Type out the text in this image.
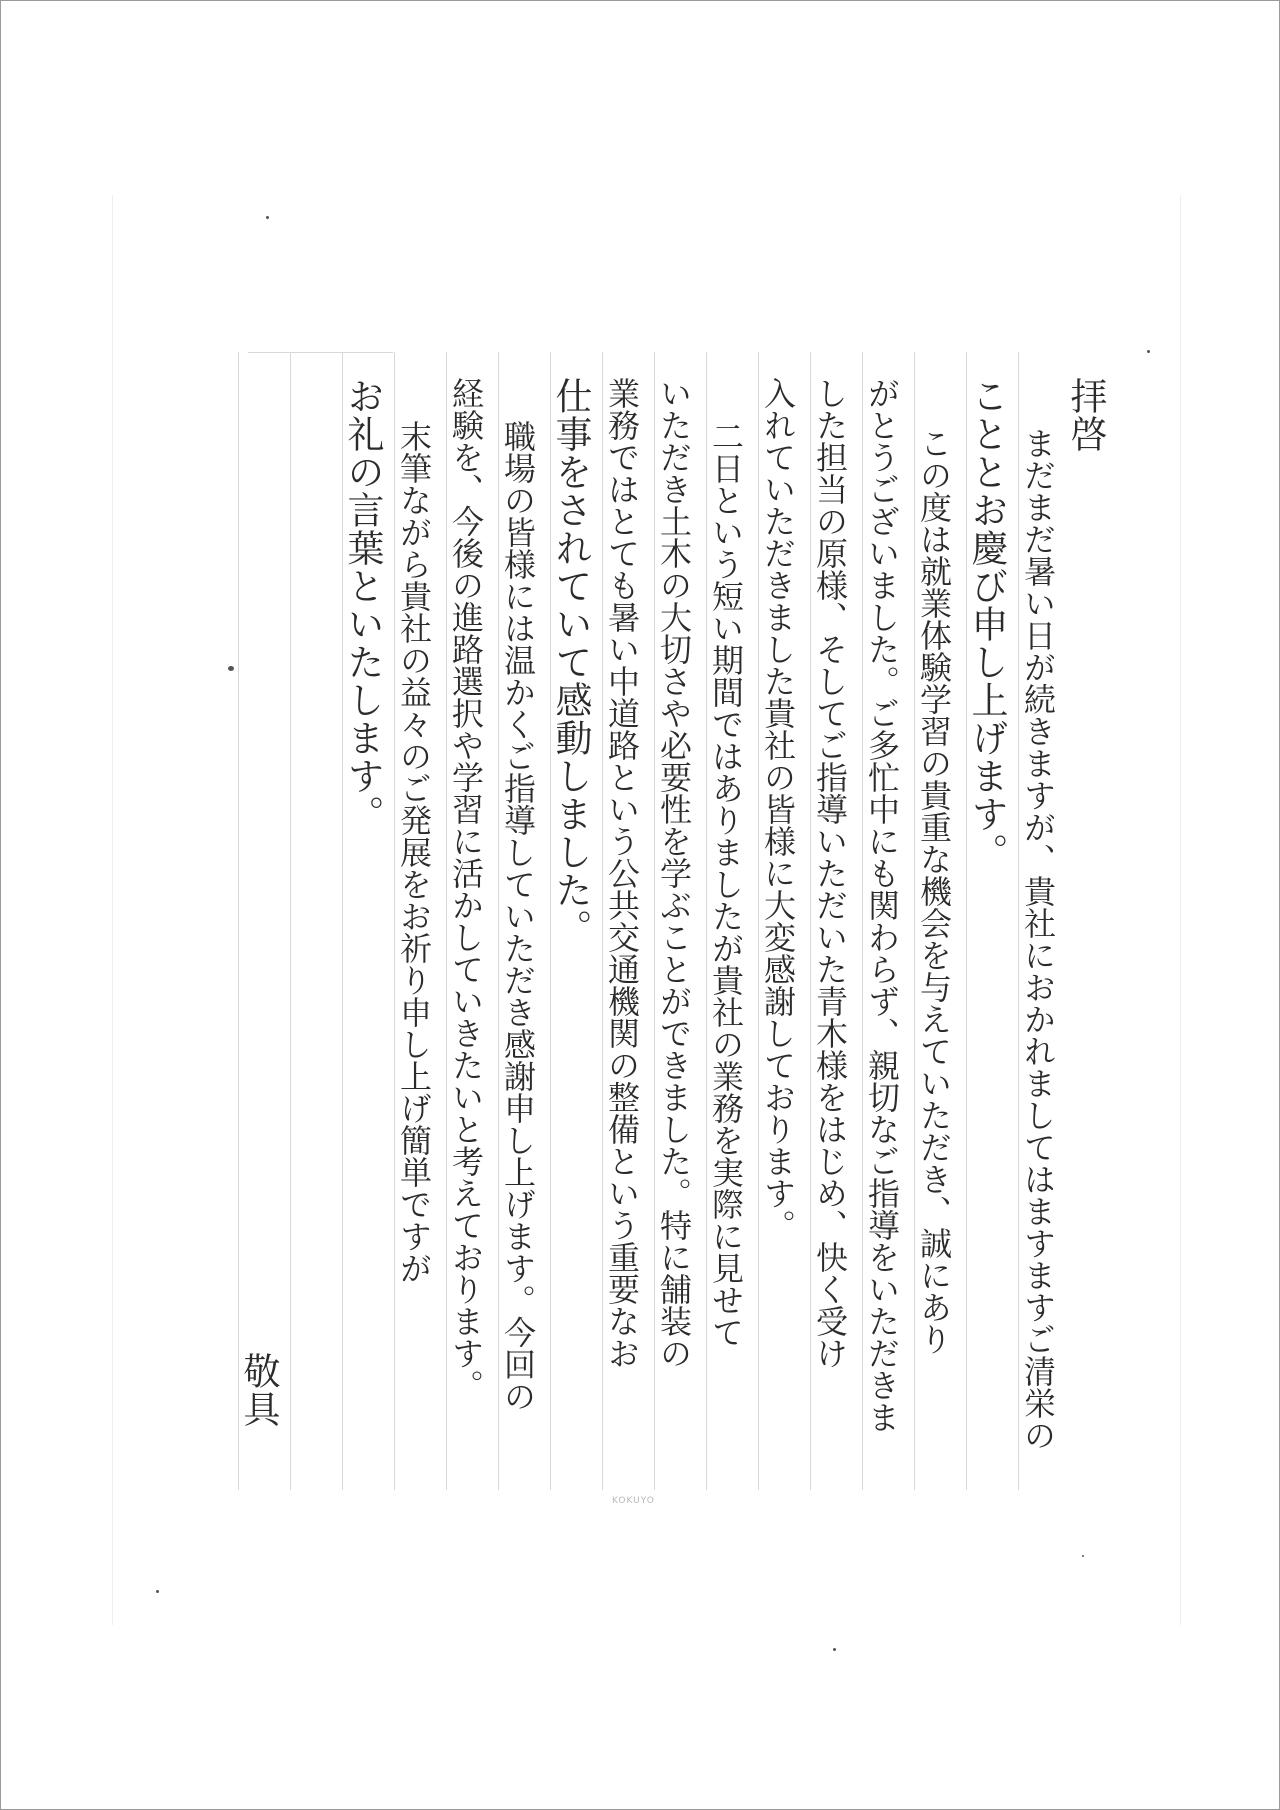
拝啓
まだまだ暑い日が続きますが、貴社におかれましてはますますご清栄の
こととお慶び申し上げます。
この度は就業体験学習の貴重な機会を与えていただき、誠にあり
がとうございました。ご多忙中にも関わらず、親切なご指導をいただきま
した担当の原様、そしてご指導いただいた青木様をはじめ、快く受け
入れていただきました貴社の皆様に大変感謝しております。
二日という短い期間ではありましたが貴社の業務を実際に見せて
いただき土木の大切さや必要性を学ぶことができました。特に舗装の
業務ではとても暑い中道路という公共交通機関の整備という重要なお
仕事をされていて感動しました。
職場の皆様には温かくご指導していただき感謝申し上げます。今回の
経験を、今後の進路選択や学習に活かしていきたいと考えております。
末筆ながら貴社の益々のご発展をお祈り申し上げ簡単ですが
お礼の言葉といたします。
敬具
KOKUYO
